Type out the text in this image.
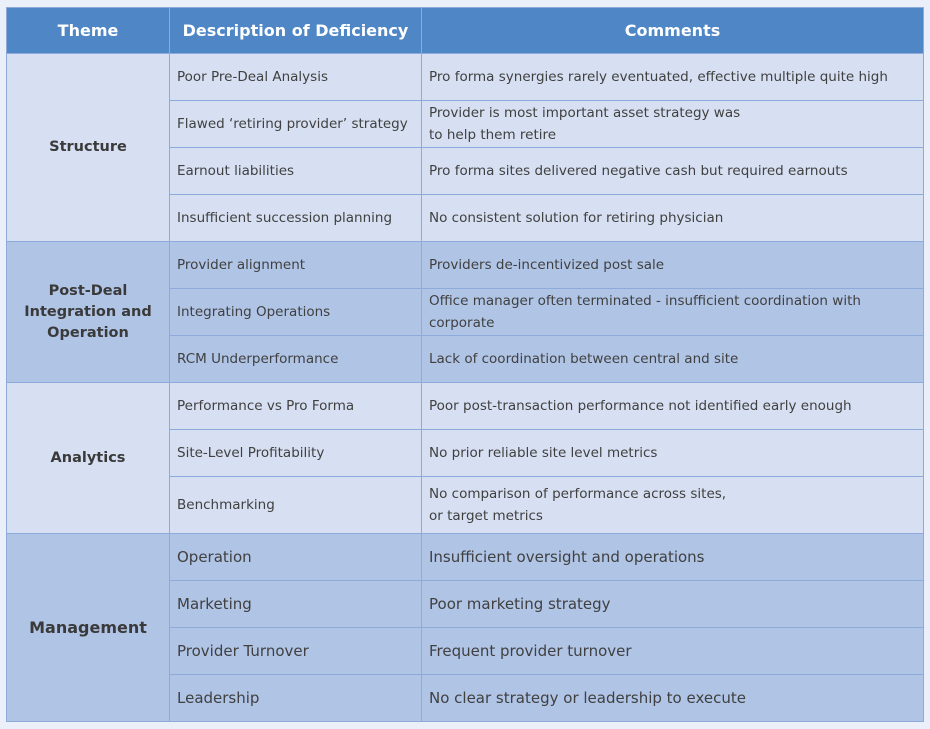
Theme	Description of Deficiency	Comments
Structure	Poor Pre-Deal Analysis	Pro forma synergies rarely eventuated, effective multiple quite high
	Flawed ‘retiring provider’ strategy	Provider is most important asset strategy was
to help them retire
	Earnout liabilities	Pro forma sites delivered negative cash but required earnouts
	Insufficient succession planning	No consistent solution for retiring physician
Post-Deal
Integration and
Operation	Provider alignment	Providers de-incentivized post sale
	Integrating Operations	Office manager often terminated - insufficient coordination with
corporate
	RCM Underperformance	Lack of coordination between central and site
Analytics	Performance vs Pro Forma	Poor post-transaction performance not identified early enough
	Site-Level Profitability	No prior reliable site level metrics
	Benchmarking	No comparison of performance across sites,
or target metrics
Management	Operation	Insufficient oversight and operations
	Marketing	Poor marketing strategy
	Provider Turnover	Frequent provider turnover
	Leadership	No clear strategy or leadership to execute
